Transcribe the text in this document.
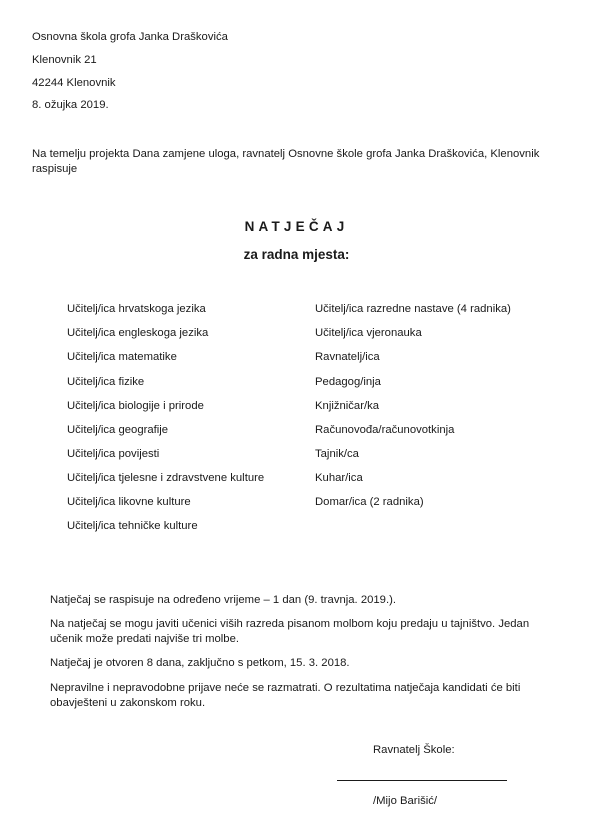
Osnovna škola grofa Janka Draškovića
Klenovnik 21
42244 Klenovnik
8. ožujka 2019.
Na temelju projekta Dana zamjene uloga, ravnatelj Osnovne škole grofa Janka Draškovića, Klenovnik raspisuje
NATJEČAJ
za radna mjesta:
Učitelj/ica hrvatskoga jezika
Učitelj/ica engleskoga jezika
Učitelj/ica matematike
Učitelj/ica fizike
Učitelj/ica biologije i prirode
Učitelj/ica geografije
Učitelj/ica povijesti
Učitelj/ica tjelesne i zdravstvene kulture
Učitelj/ica likovne kulture
Učitelj/ica tehničke kulture
Učitelj/ica razredne nastave (4 radnika)
Učitelj/ica vjeronauka
Ravnatelj/ica
Pedagog/inja
Knjižničar/ka
Računovođa/računovotkinja
Tajnik/ca
Kuhar/ica
Domar/ica (2 radnika)
Natječaj se raspisuje na određeno vrijeme – 1 dan (9. travnja. 2019.).
Na natječaj se mogu javiti učenici viših razreda pisanom molbom koju predaju u tajništvo. Jedan učenik može predati najviše tri molbe.
Natječaj je otvoren 8 dana, zaključno s petkom, 15. 3. 2018.
Nepravilne i nepravodobne prijave neće se razmatrati. O rezultatima natječaja kandidati će biti obavješteni u zakonskom roku.
Ravnatelj Škole:
/Mijo Barišić/
